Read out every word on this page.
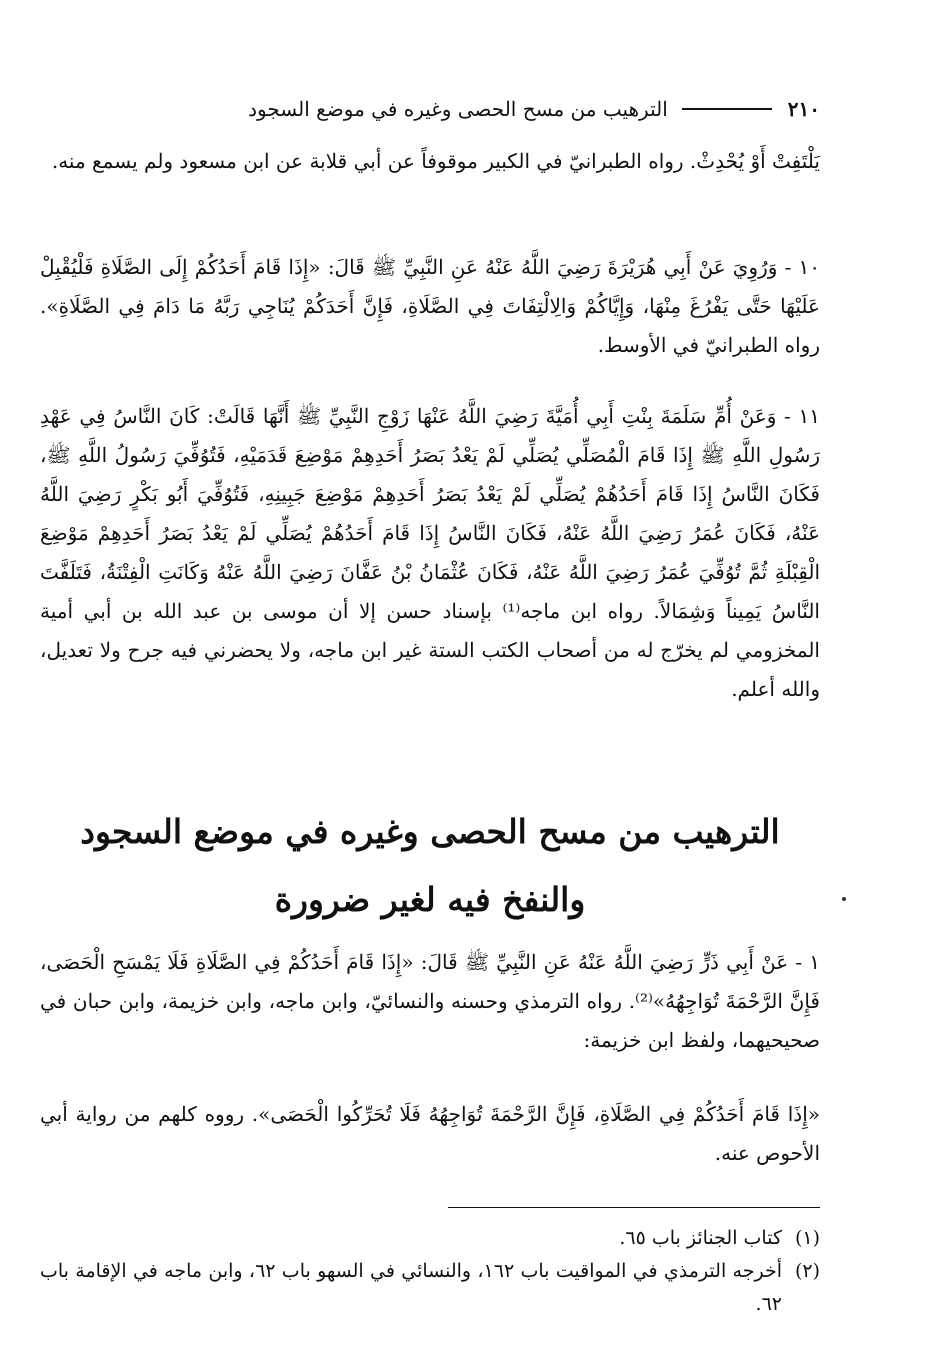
٢١٠
الترهيب من مسح الحصى وغيره في موضع السجود
يَلْتَفِتْ أَوْ يُحْدِثْ. رواه الطبرانيّ في الكبير موقوفاً عن أبي قلابة عن ابن مسعود ولم يسمع منه.
١٠ - وَرُوِيَ عَنْ أَبِي هُرَيْرَةَ رَضِيَ اللَّهُ عَنْهُ عَنِ النَّبِيِّ ﷺ قَالَ: «إِذَا قَامَ أَحَدُكُمْ إِلَى الصَّلَاةِ فَلْيُقْبِلْ عَلَيْهَا حَتَّى يَفْرُغَ مِنْهَا، وَإِيَّاكُمْ وَالِالْتِفَاتَ فِي الصَّلَاةِ، فَإِنَّ أَحَدَكُمْ يُنَاجِي رَبَّهُ مَا دَامَ فِي الصَّلَاةِ». رواه الطبرانيّ في الأوسط.
١١ - وَعَنْ أُمِّ سَلَمَةَ بِنْتِ أَبِي أُمَيَّةَ رَضِيَ اللَّهُ عَنْهَا زَوْجِ النَّبِيِّ ﷺ أَنَّهَا قَالَتْ: كَانَ النَّاسُ فِي عَهْدِ رَسُولِ اللَّهِ ﷺ إِذَا قَامَ الْمُصَلِّي يُصَلِّي لَمْ يَعْدُ بَصَرُ أَحَدِهِمْ مَوْضِعَ قَدَمَيْهِ، فَتُوُفِّيَ رَسُولُ اللَّهِ ﷺ، فَكَانَ النَّاسُ إِذَا قَامَ أَحَدُهُمْ يُصَلِّي لَمْ يَعْدُ بَصَرُ أَحَدِهِمْ مَوْضِعَ جَبِينِهِ، فَتُوُفِّيَ أَبُو بَكْرٍ رَضِيَ اللَّهُ عَنْهُ، فَكَانَ عُمَرُ رَضِيَ اللَّهُ عَنْهُ، فَكَانَ النَّاسُ إِذَا قَامَ أَحَدُهُمْ يُصَلِّي لَمْ يَعْدُ بَصَرُ أَحَدِهِمْ مَوْضِعَ الْقِبْلَةِ ثُمَّ تُوُفِّيَ عُمَرُ رَضِيَ اللَّهُ عَنْهُ، فَكَانَ عُثْمَانُ بْنُ عَفَّانَ رَضِيَ اللَّهُ عَنْهُ وَكَانَتِ الْفِتْنَةُ، فَتَلَفَّتَ النَّاسُ يَمِيناً وَشِمَالاً. رواه ابن ماجه⁽¹⁾ بإسناد حسن إلا أن موسى بن عبد الله بن أبي أمية المخزومي لم يخرّج له من أصحاب الكتب الستة غير ابن ماجه، ولا يحضرني فيه جرح ولا تعديل، والله أعلم.
الترهيب من مسح الحصى وغيره في موضع السجود
والنفخ فيه لغير ضرورة
١ - عَنْ أَبِي ذَرٍّ رَضِيَ اللَّهُ عَنْهُ عَنِ النَّبِيِّ ﷺ قَالَ: «إِذَا قَامَ أَحَدُكُمْ فِي الصَّلَاةِ فَلَا يَمْسَحِ الْحَصَى، فَإِنَّ الرَّحْمَةَ تُوَاجِهُهُ»⁽²⁾. رواه الترمذي وحسنه والنسائيّ، وابن ماجه، وابن خزيمة، وابن حبان في صحيحيهما، ولفظ ابن خزيمة:
«إِذَا قَامَ أَحَدُكُمْ فِي الصَّلَاةِ، فَإِنَّ الرَّحْمَةَ تُوَاجِهُهُ فَلَا تُحَرِّكُوا الْحَصَى». رووه كلهم من رواية أبي الأحوص عنه.
(١)
كتاب الجنائز باب ٦٥.
(٢)
أخرجه الترمذي في المواقيت باب ١٦٢، والنسائي في السهو باب ٦٢، وابن ماجه في الإقامة باب ٦٢.
